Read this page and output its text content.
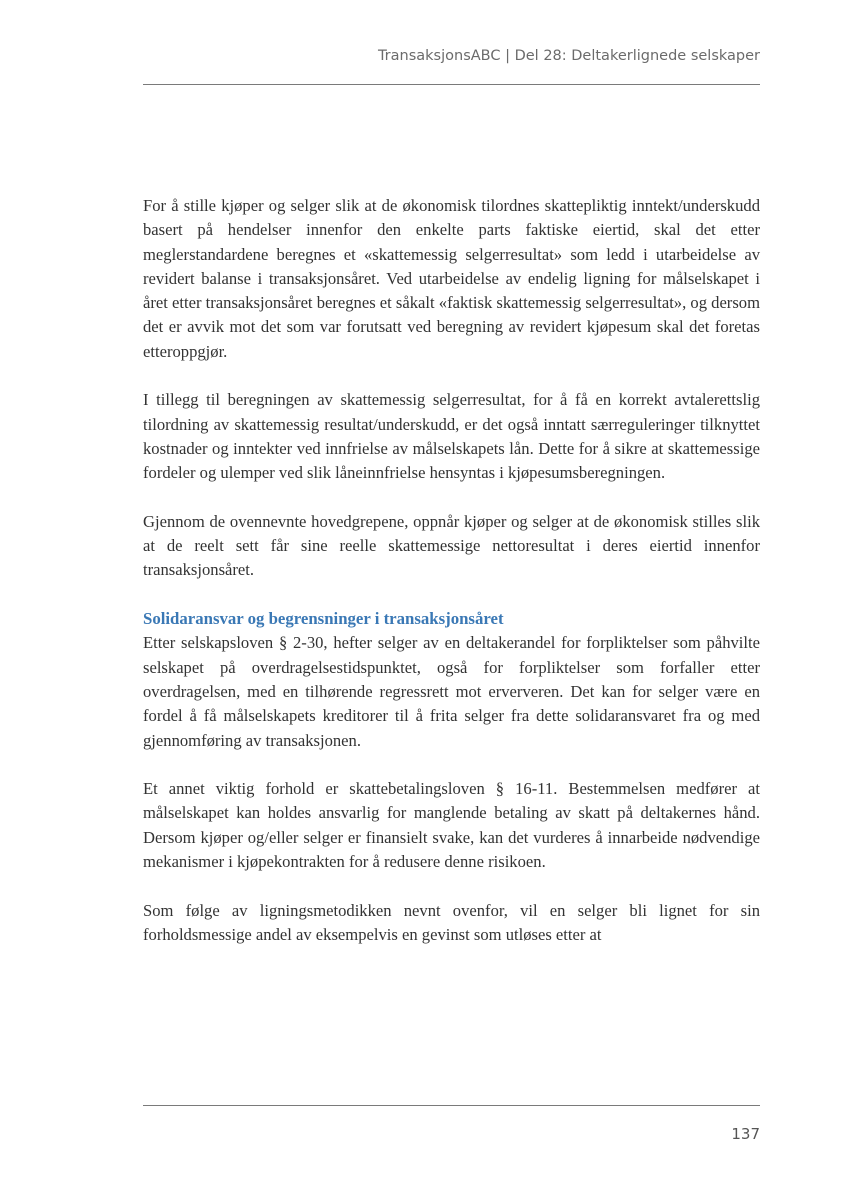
TransaksjonsABC | Del 28: Deltakerlignede selskaper

For å stille kjøper og selger slik at de økonomisk tilordnes skattepliktig inntekt/underskudd basert på hendelser innenfor den enkelte parts faktiske eiertid, skal det etter meglerstandardene beregnes et «skattemessig selgerresultat» som ledd i utarbeidelse av revidert balanse i transaksjonsåret. Ved utarbeidelse av endelig ligning for målselskapet i året etter transaksjonsåret beregnes et såkalt «faktisk skattemessig selgerresultat», og dersom det er avvik mot det som var forutsatt ved beregning av revidert kjøpesum skal det foretas etteroppgjør.

I tillegg til beregningen av skattemessig selgerresultat, for å få en korrekt avtalerettslig tilordning av skattemessig resultat/underskudd, er det også inntatt særreguleringer tilknyttet kostnader og inntekter ved innfrielse av målselskapets lån. Dette for å sikre at skattemessige fordeler og ulemper ved slik låneinnfrielse hensyntas i kjøpesumsberegningen.

Gjennom de ovennevnte hovedgrepene, oppnår kjøper og selger at de økonomisk stilles slik at de reelt sett får sine reelle skattemessige nettoresultat i deres eiertid innenfor transaksjonsåret.

Solidaransvar og begrensninger i transaksjonsåret

Etter selskapsloven § 2-30, hefter selger av en deltakerandel for forpliktelser som påhvilte selskapet på overdragelsestidspunktet, også for forpliktelser som forfaller etter overdragelsen, med en tilhørende regressrett mot erververen. Det kan for selger være en fordel å få målselskapets kreditorer til å frita selger fra dette solidaransvaret fra og med gjennomføring av transaksjonen.

Et annet viktig forhold er skattebetalingsloven § 16-11. Bestemmelsen medfører at målselskapet kan holdes ansvarlig for manglende betaling av skatt på deltakernes hånd. Dersom kjøper og/eller selger er finansielt svake, kan det vurderes å innarbeide nødvendige mekanismer i kjøpekontrakten for å redusere denne risikoen.

Som følge av ligningsmetodikken nevnt ovenfor, vil en selger bli lignet for sin forholdsmessige andel av eksempelvis en gevinst som utløses etter at

137
